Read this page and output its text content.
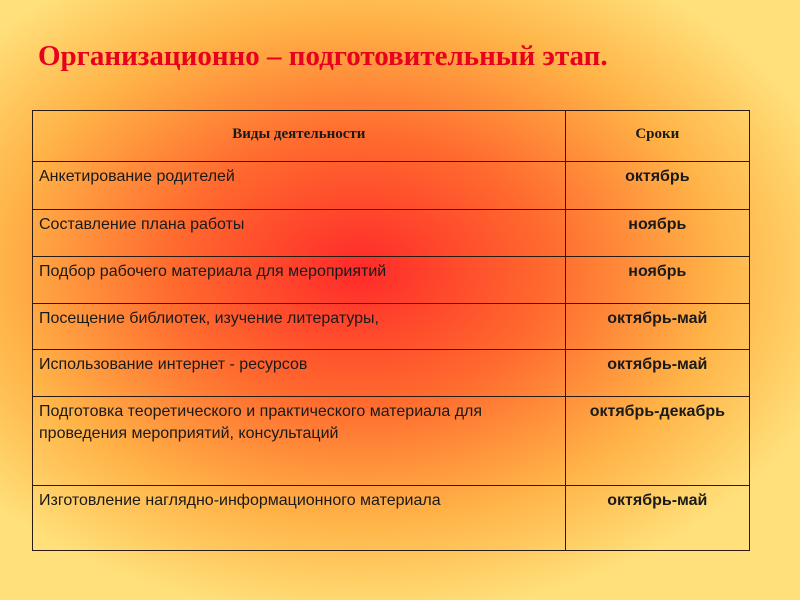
Организационно – подготовительный этап.
Виды деятельности	Сроки
Анкетирование родителей	октябрь
Составление плана работы	ноябрь
Подбор рабочего материала для мероприятий	ноябрь
Посещение библиотек, изучение литературы,	октябрь-май
Использование интернет - ресурсов	октябрь-май
Подготовка теоретического и практического материала для проведения мероприятий, консультаций	октябрь-декабрь
Изготовление наглядно-информационного материала	октябрь-май
